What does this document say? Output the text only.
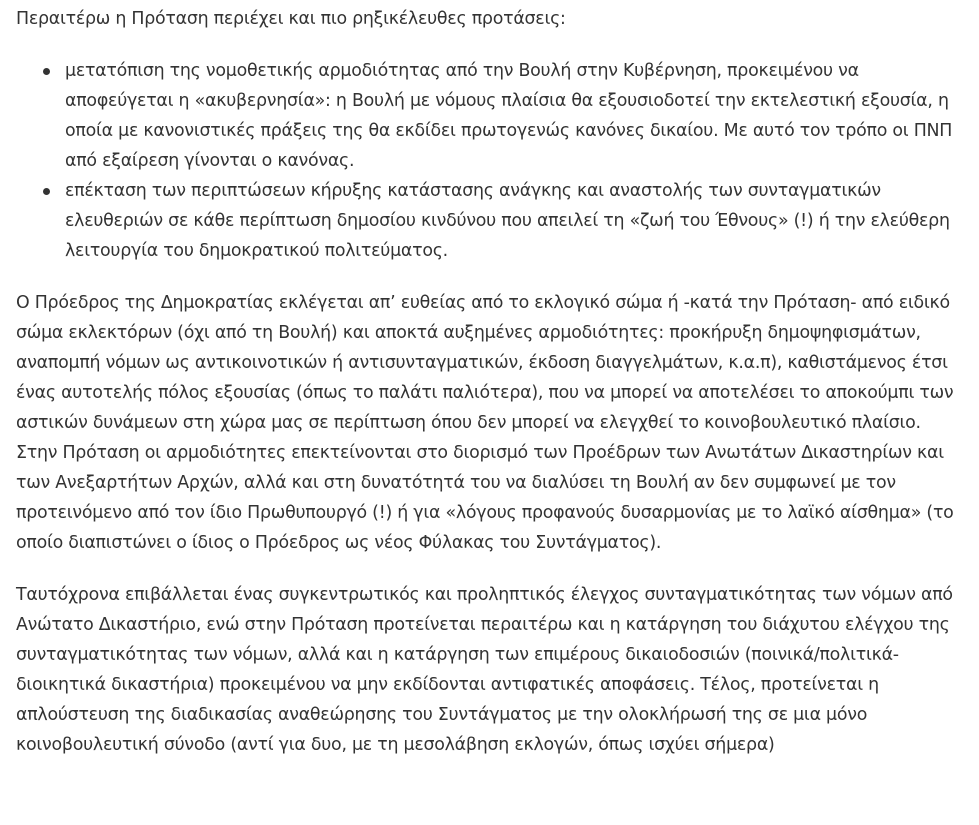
Περαιτέρω η Πρόταση περιέχει και πιο ρηξικέλευθες προτάσεις:

μετατόπιση της νομοθετικής αρμοδιότητας από την Βουλή στην Κυβέρνηση, προκειμένου να αποφεύγεται η «ακυβερνησία»: η Βουλή με νόμους πλαίσια θα εξουσιοδοτεί την εκτελεστική εξουσία, η οποία με κανονιστικές πράξεις της θα εκδίδει πρωτογενώς κανόνες δικαίου. Με αυτό τον τρόπο οι ΠΝΠ από εξαίρεση γίνονται ο κανόνας.
επέκταση των περιπτώσεων κήρυξης κατάστασης ανάγκης και αναστολής των συνταγματικών ελευθεριών σε κάθε περίπτωση δημοσίου κινδύνου που απειλεί τη «ζωή του Έθνους» (!) ή την ελεύθερη λειτουργία του δημοκρατικού πολιτεύματος.

Ο Πρόεδρος της Δημοκρατίας εκλέγεται απ’ ευθείας από το εκλογικό σώμα ή -κατά την Πρόταση- από ειδικό σώμα εκλεκτόρων (όχι από τη Βουλή) και αποκτά αυξημένες αρμοδιότητες: προκήρυξη δημοψηφισμάτων, αναπομπή νόμων ως αντικοινοτικών ή αντισυνταγματικών, έκδοση διαγγελμάτων, κ.α.π), καθιστάμενος έτσι ένας αυτοτελής πόλος εξουσίας (όπως το παλάτι παλιότερα), που να μπορεί να αποτελέσει το αποκούμπι των αστικών δυνάμεων στη χώρα μας σε περίπτωση όπου δεν μπορεί να ελεγχθεί το κοινοβουλευτικό πλαίσιο. Στην Πρόταση οι αρμοδιότητες επεκτείνονται στο διορισμό των Προέδρων των Ανωτάτων Δικαστηρίων και των Ανεξαρτήτων Αρχών, αλλά και στη δυνατότητά του να διαλύσει τη Βουλή αν δεν συμφωνεί με τον προτεινόμενο από τον ίδιο Πρωθυπουργό (!) ή για «λόγους προφανούς δυσαρμονίας με το λαϊκό αίσθημα» (το οποίο διαπιστώνει ο ίδιος ο Πρόεδρος ως νέος Φύλακας του Συντάγματος).

Ταυτόχρονα επιβάλλεται ένας συγκεντρωτικός και προληπτικός έλεγχος συνταγματικότητας των νόμων από Ανώτατο Δικαστήριο, ενώ στην Πρόταση προτείνεται περαιτέρω και η κατάργηση του διάχυτου ελέγχου της συνταγματικότητας των νόμων, αλλά και η κατάργηση των επιμέρους δικαιοδοσιών (ποινικά/πολιτικά-διοικητικά δικαστήρια) προκειμένου να μην εκδίδονται αντιφατικές αποφάσεις. Τέλος, προτείνεται η απλούστευση της διαδικασίας αναθεώρησης του Συντάγματος με την ολοκλήρωσή της σε μια μόνο κοινοβουλευτική σύνοδο (αντί για δυο, με τη μεσολάβηση εκλογών, όπως ισχύει σήμερα)
